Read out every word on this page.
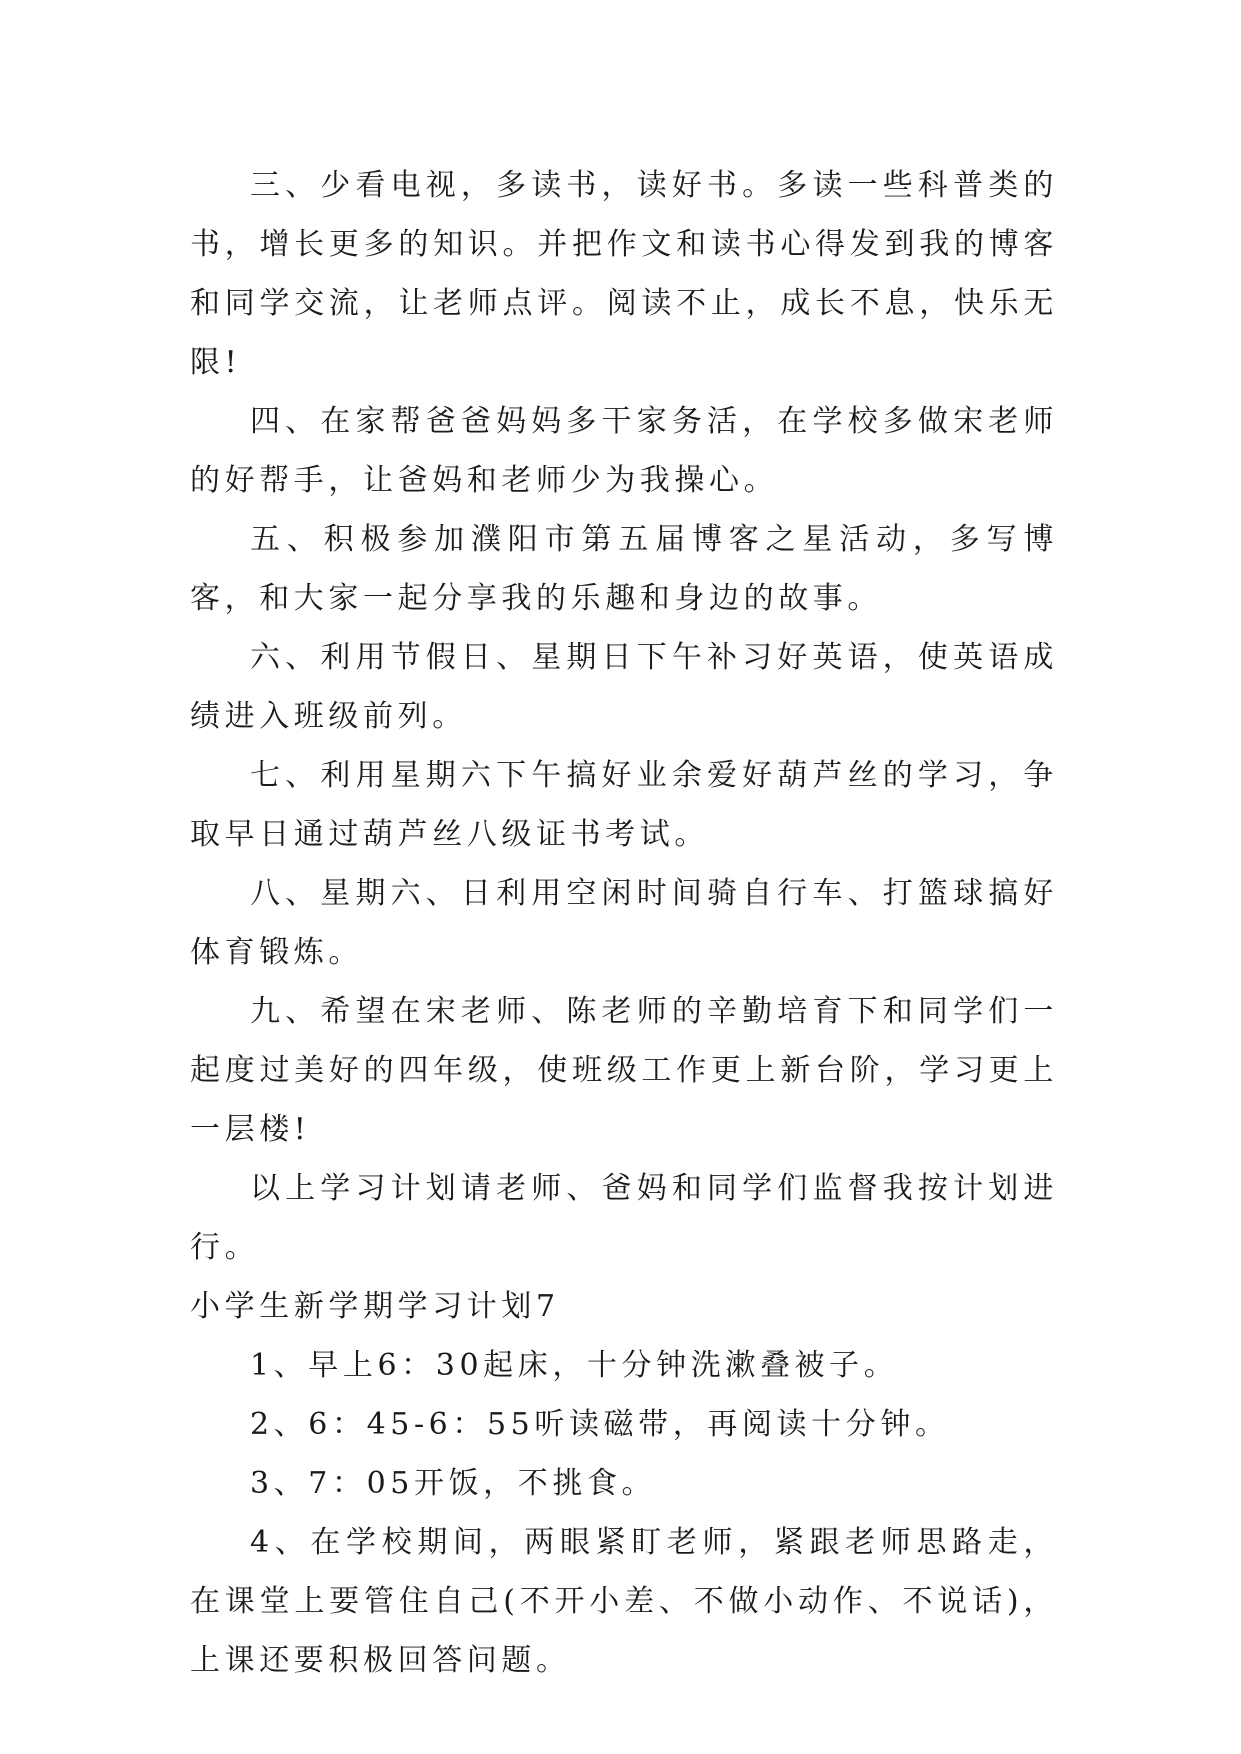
三、少看电视，多读书，读好书。多读一些科普类的书，增长更多的知识。并把作文和读书心得发到我的博客和同学交流，让老师点评。阅读不止，成长不息，快乐无限!

四、在家帮爸爸妈妈多干家务活，在学校多做宋老师的好帮手，让爸妈和老师少为我操心。

五、积极参加濮阳市第五届博客之星活动，多写博客，和大家一起分享我的乐趣和身边的故事。

六、利用节假日、星期日下午补习好英语，使英语成绩进入班级前列。

七、利用星期六下午搞好业余爱好葫芦丝的学习，争取早日通过葫芦丝八级证书考试。

八、星期六、日利用空闲时间骑自行车、打篮球搞好体育锻炼。

九、希望在宋老师、陈老师的辛勤培育下和同学们一起度过美好的四年级，使班级工作更上新台阶，学习更上一层楼!

以上学习计划请老师、爸妈和同学们监督我按计划进行。

小学生新学期学习计划7

1、早上6：30起床，十分钟洗漱叠被子。

2、6：45-6：55听读磁带，再阅读十分钟。

3、7：05开饭，不挑食。

4、在学校期间，两眼紧盯老师，紧跟老师思路走，在课堂上要管住自己(不开小差、不做小动作、不说话)，上课还要积极回答问题。
